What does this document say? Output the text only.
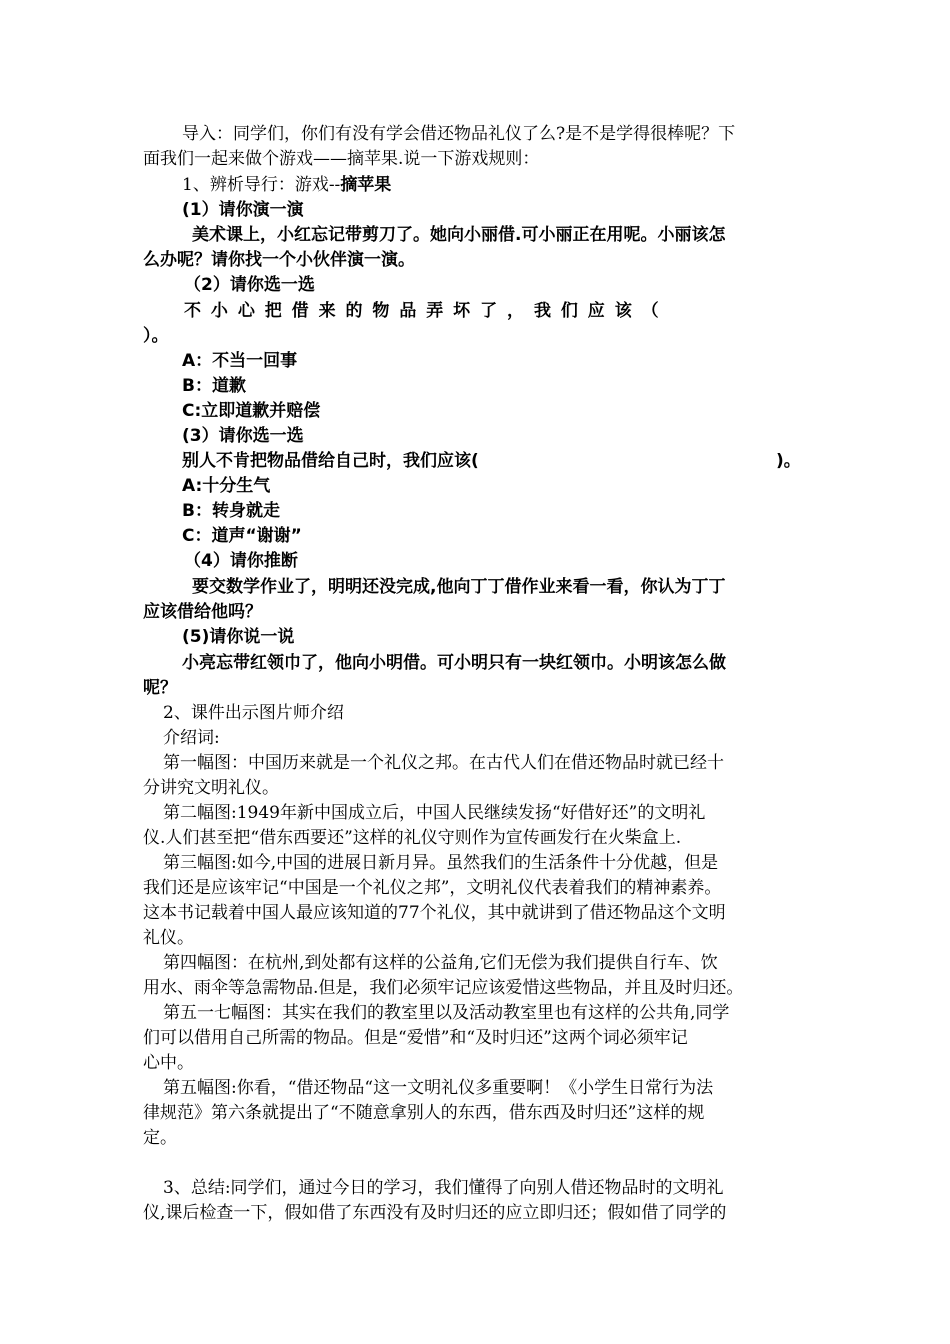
导入：同学们，你们有没有学会借还物品礼仪了么?是不是学得很棒呢？下
面我们一起来做个游戏——摘苹果.说一下游戏规则：
1、辨析导行：游戏--摘苹果
(1）请你演一演
美术课上，小红忘记带剪刀了。她向小丽借.可小丽正在用呢。小丽该怎
么办呢？请你找一个小伙伴演一演。
（2）请你选一选
不 小 心 把 借 来 的 物 品 弄 坏 了 ， 我 们 应 该 （
）。
A：不当一回事
B：道歉
C:立即道歉并赔偿
(3）请你选一选
别人不肯把物品借给自己时，我们应该(	)。
A:十分生气
B：转身就走
C：道声“谢谢”
（4）请你推断
要交数学作业了，明明还没完成,他向丁丁借作业来看一看，你认为丁丁
应该借给他吗？
(5)请你说一说
小亮忘带红领巾了，他向小明借。可小明只有一块红领巾。小明该怎么做
呢？
2、课件出示图片师介绍
介绍词:
第一幅图：中国历来就是一个礼仪之邦。在古代人们在借还物品时就已经十
分讲究文明礼仪。
第二幅图:1949年新中国成立后，中国人民继续发扬“好借好还”的文明礼
仪.人们甚至把“借东西要还”这样的礼仪守则作为宣传画发行在火柴盒上.
第三幅图:如今,中国的进展日新月异。虽然我们的生活条件十分优越，但是
我们还是应该牢记“中国是一个礼仪之邦”，文明礼仪代表着我们的精神素养。
这本书记载着中国人最应该知道的77个礼仪，其中就讲到了借还物品这个文明
礼仪。
第四幅图：在杭州,到处都有这样的公益角,它们无偿为我们提供自行车、饮
用水、雨伞等急需物品.但是，我们必须牢记应该爱惜这些物品，并且及时归还。
第五一七幅图：其实在我们的教室里以及活动教室里也有这样的公共角,同学
们可以借用自己所需的物品。但是“爱惜”和“及时归还”这两个词必须牢记
心中。
第五幅图:你看，“借还物品“这一文明礼仪多重要啊！《小学生日常行为法
律规范》第六条就提出了“不随意拿别人的东西，借东西及时归还”这样的规
定。
3、总结:同学们，通过今日的学习，我们懂得了向别人借还物品时的文明礼
仪,课后检查一下，假如借了东西没有及时归还的应立即归还；假如借了同学的
